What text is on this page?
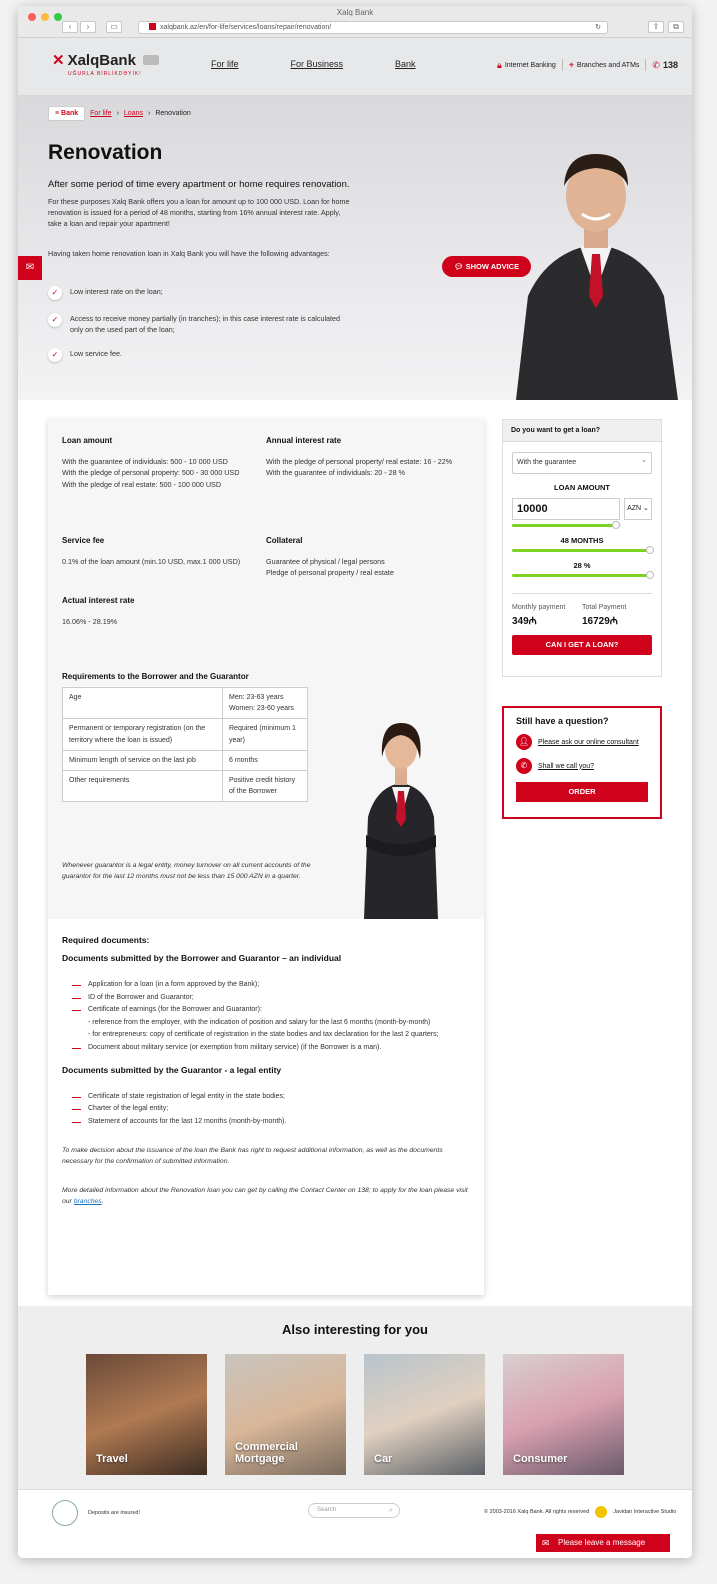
Xalq Bank
‹	›	▭	xalqbank.az/en/for-life/services/loans/repair/renovation/	↻	⇪	⧉
✕ XalqBank
UĞURLA BİRLİKDƏYİK!
For life	For Business	Bank	🔒︎ Internet Banking ⌖ Branches and ATMs ✆ 138
≡ Bank	For life › Loans › Renovation
Renovation

After some period of time every apartment or home requires renovation.

For these purposes Xalq Bank offers you a loan for amount up to 100 000 USD. Loan for home renovation is issued for a period of 48 months, starting from 16% annual interest rate. Apply, take a loan and repair your apartment!

Having taken home renovation loan in Xalq Bank you will have the following advantages:

✓	Low interest rate on the loan;
✓	Access to receive money partially (in tranches); in this case interest rate is calculated only on the used part of the loan;
✓	Low service fee.
✉	💬︎ SHOW ADVICE
Loan amount
With the guarantee of individuals: 500 - 10 000 USD
With the pledge of personal property: 500 - 30 000 USD
With the pledge of real estate: 500 - 100 000 USD
Annual interest rate
With the pledge of personal property/ real estate: 16 - 22%
With the guarantee of individuals: 20 - 28 %
Service fee
0.1% of the loan amount (min.10 USD, max.1 000 USD)
Collateral
Guarantee of physical / legal persons
Pledge of personal property / real estate
Actual interest rate
16.06% - 28.19%
Requirements to the Borrower and the Guarantor
Age	Men: 23-63 years
Women: 23-60 years
Permanent or temporary registration (on the territory where the loan is issued)	Required (minimum 1 year)
Minimum length of service on the last job	6 months
Other requirements	Positive credit history of the Borrower

Whenever guarantor is a legal entity, money turnover on all current accounts of the guarantor for the last 12 months must not be less than 15 000 AZN in a quarter.

Required documents:
Documents submitted by the Borrower and Guarantor – an individual
Application for a loan (in a form approved by the Bank);
ID of the Borrower and Guarantor;
Certificate of earnings (for the Borrower and Guarantor):
- reference from the employer, with the indication of position and salary for the last 6 months (month-by-month)
- for entrepreneurs: copy of certificate of registration in the state bodies and tax declaration for the last 2 quarters;
Document about military service (or exemption from military service) (if the Borrower is a man).
Documents submitted by the Guarantor - a legal entity
Certificate of state registration of legal entity in the state bodies;
Charter of the legal entity;
Statement of accounts for the last 12 months (month-by-month).

To make decision about the issuance of the loan the Bank has right to request additional information, as well as the documents necessary for the confirmation of submitted information.

More detailed information about the Renovation loan you can get by calling the Contact Center on 138; to apply for the loan please visit our branches.

Do you want to get a loan?
With the guarantee ⌄
LOAN AMOUNT
10000	AZN ⌄
48 MONTHS
28 %
Monthly payment
349₼
Total Payment
16729₼
CAN I GET A LOAN?
Still have a question?
👤︎	Please ask our online consultant
✆	Shall we call you?
ORDER
Also interesting for you
Travel
Commercial Mortgage	Car	Consumer
Deposits are insured!	Search	⌕	© 2003-2016 Xalq Bank. All rights reserved	Javidan Interactive Studio
✉ Please leave a message
